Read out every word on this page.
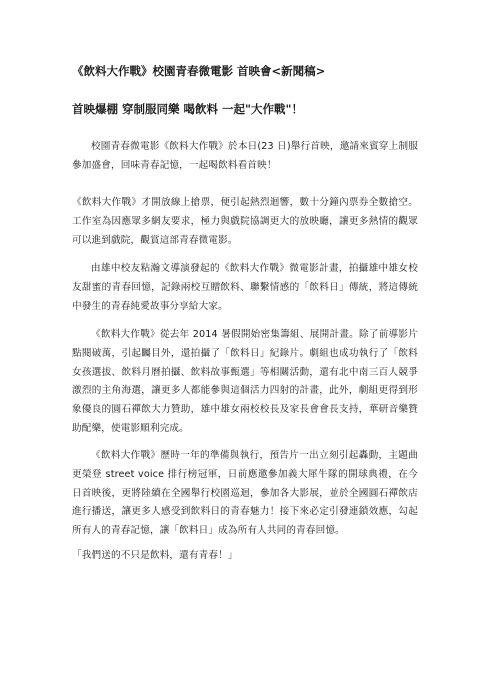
《飲料大作戰》校園青春微電影 首映會<新聞稿>
首映爆棚 穿制服同樂 喝飲料 一起"大作戰"！

校園青春微電影《飲料大作戰》於本日(23 日)舉行首映，邀請來賓穿上制服參加盛會，回味青春記憶，一起喝飲料看首映！

《飲料大作戰》才開放線上搶票，便引起熱烈迴響，數十分鐘內票券全數搶空。工作室為因應眾多網友要求，極力與戲院協調更大的放映廳，讓更多熱情的觀眾可以進到戲院，觀賞這部青春微電影。

由雄中校友粘瀚文導演發起的《飲料大作戰》微電影計畫，拍攝雄中雄女校友甜蜜的青春回憶，記錄兩校互贈飲料、聯繫情感的「飲料日」傳統，將這傳統中發生的青春純愛故事分享給大家。

《飲料大作戰》從去年 2014 暑假開始密集籌組、展開計畫。除了前導影片點閱破萬，引起矚目外，還拍攝了「飲料日」紀錄片。劇組也成功執行了「飲料女孩選拔、飲料月曆拍攝、飲料故事甄選」等相關活動，還有北中南三百人競爭激烈的主角海選，讓更多人都能參與這個活力四射的計畫，此外，劇組更得到形象優良的圓石禪飲大力贊助，雄中雄女兩校校長及家長會會長支持，華研音樂贊助配樂，使電影順利完成。

《飲料大作戰》歷時一年的準備與執行，預告片一出立刻引起轟動，主題曲更榮登 street voice 排行榜冠軍，日前應邀參加義大犀牛隊的開球典禮，在今日首映後，更將陸續在全國舉行校園巡迴，參加各大影展，並於全國圓石禪飲店進行播送，讓更多人感受到飲料日的青春魅力！接下來必定引發連鎖效應，勾起所有人的青春記憶，讓「飲料日」成為所有人共同的青春回憶。

「我們送的不只是飲料，還有青春！」
